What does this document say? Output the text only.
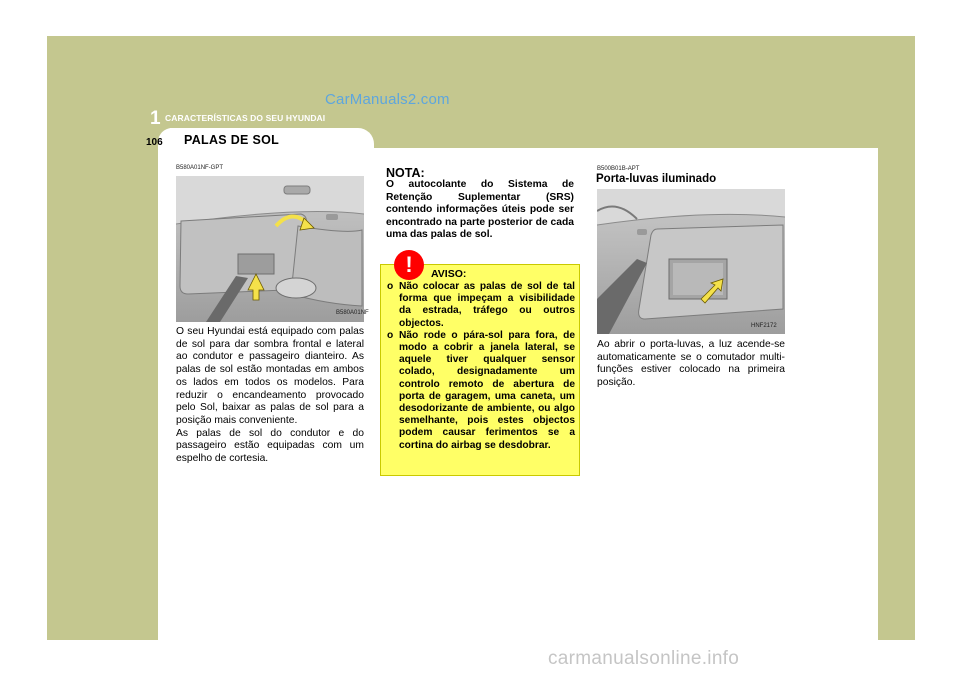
CarManuals2.com
1 CARACTERÍSTICAS DO SEU HYUNDAI
106 PALAS DE SOL
B580A01NF-GPT
B580A01NF

O seu Hyundai está equipado com palas de sol para dar sombra frontal e lateral ao condutor e passageiro dianteiro. As palas de sol estão montadas em ambos os lados em todos os modelos. Para reduzir o encandeamento provocado pelo Sol, baixar as palas de sol para a posição mais conveniente.

As palas de sol do condutor e do passageiro estão equipadas com um espelho de cortesia.

NOTA:
O autocolante do Sistema de Retenção Suplementar (SRS) contendo informações úteis pode ser encontrado na parte posterior de cada uma das palas de sol.
!	AVISO:
o Não colocar as palas de sol de tal forma que impeçam a visibilidade da estrada, tráfego ou outros objectos.
o Não rode o pára-sol para fora, de modo a cobrir a janela lateral, se aquele tiver qualquer sensor colado, designadamente um controlo remoto de abertura de porta de garagem, uma caneta, um desodorizante de ambiente, ou algo semelhante, pois estes objectos podem causar ferimentos se a cortina do airbag se desdobrar.
B500B01B-APT
Porta-luvas iluminado
HNF2172
Ao abrir o porta-luvas, a luz acende-se automaticamente se o comutador multi-funções estiver colocado na primeira posição.
carmanualsonline.info
